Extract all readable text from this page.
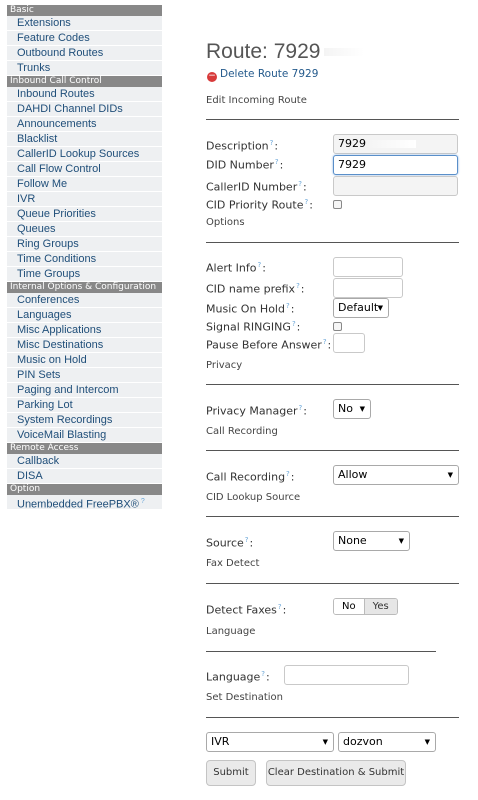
Basic
Extensions
Feature Codes
Outbound Routes
Trunks
Inbound Call Control
Inbound Routes
DAHDI Channel DIDs
Announcements
Blacklist
CallerID Lookup Sources
Call Flow Control
Follow Me
IVR
Queue Priorities
Queues
Ring Groups
Time Conditions
Time Groups
Internal Options & Configuration
Conferences
Languages
Misc Applications
Misc Destinations
Music on Hold
PIN Sets
Paging and Intercom
Parking Lot
System Recordings
VoiceMail Blasting
Remote Access
Callback
DISA
Option
Unembedded FreePBX® ?
Route: 7929
− Delete Route 7929
Edit Incoming Route
Description?:	7929
DID Number?:	7929
CallerID Number?:
CID Priority Route?:
Options
Alert Info?:
CID name prefix?:
Music On Hold?:	Default ▼
Signal RINGING?:
Pause Before Answer?:
Privacy
Privacy Manager?:	No ▼
Call Recording
Call Recording?:	Allow	▼
CID Lookup Source
Source?:	None	▼
Fax Detect
Detect Faxes?:	No	Yes
Language
Language?:
Set Destination
IVR	▼	dozvon	▼
Submit	Clear Destination & Submit
